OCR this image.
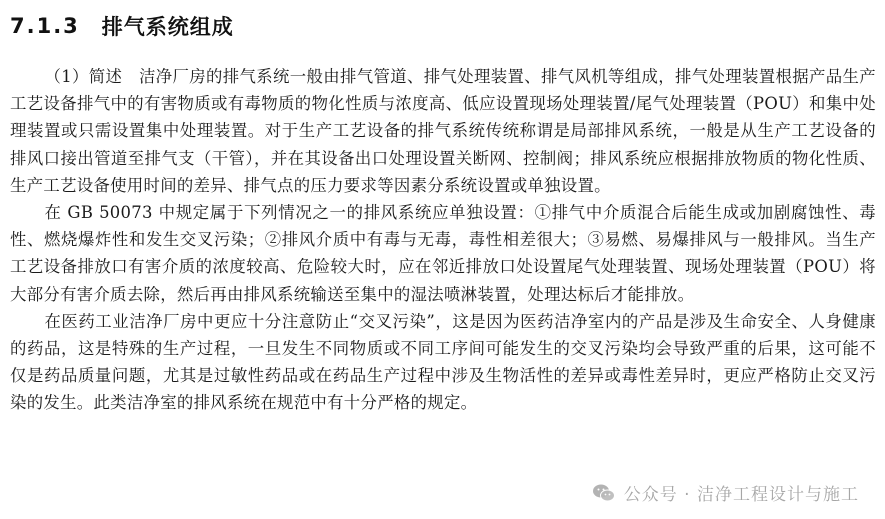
7.1.3 排气系统组成

（1）简述　洁净厂房的排气系统一般由排气管道、排气处理装置、排气风机等组成，排气处理装置根据产品生产工艺设备排气中的有害物质或有毒物质的物化性质与浓度高、低应设置现场处理装置/尾气处理装置（POU）和集中处理装置或只需设置集中处理装置。对于生产工艺设备的排气系统传统称谓是局部排风系统，一般是从生产工艺设备的排风口接出管道至排气支（干管），并在其设备出口处理设置关断网、控制阀；排风系统应根据排放物质的物化性质、生产工艺设备使用时间的差异、排气点的压力要求等因素分系统设置或单独设置。

在 GB 50073 中规定属于下列情况之一的排风系统应单独设置：①排气中介质混合后能生成或加剧腐蚀性、毒性、燃烧爆炸性和发生交叉污染；②排风介质中有毒与无毒，毒性相差很大；③易燃、易爆排风与一般排风。当生产工艺设备排放口有害介质的浓度较高、危险较大时，应在邻近排放口处设置尾气处理装置、现场处理装置（POU）将大部分有害介质去除，然后再由排风系统输送至集中的湿法喷淋装置，处理达标后才能排放。

在医药工业洁净厂房中更应十分注意防止“交叉污染”，这是因为医药洁净室内的产品是涉及生命安全、人身健康的药品，这是特殊的生产过程，一旦发生不同物质或不同工序间可能发生的交叉污染均会导致严重的后果，这可能不仅是药品质量问题，尤其是过敏性药品或在药品生产过程中涉及生物活性的差异或毒性差异时，更应严格防止交叉污染的发生。此类洁净室的排风系统在规范中有十分严格的规定。

公众号 · 洁净工程设计与施工
